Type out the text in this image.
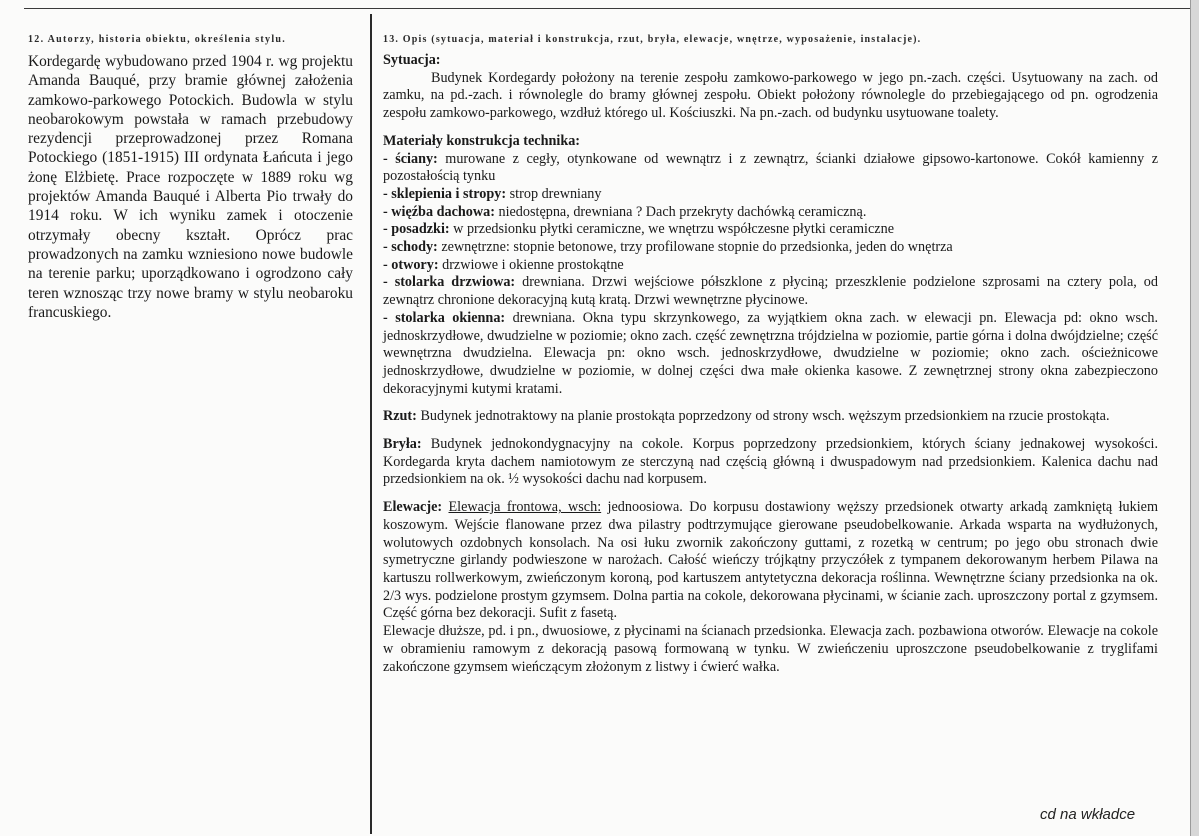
12. Autorzy, historia obiektu, określenia stylu.

Kordegardę wybudowano przed 1904 r. wg projektu Amanda Bauqué, przy bramie głównej założenia zamkowo-parkowego Potockich. Budowla w stylu neobarokowym powstała w ramach przebudowy rezydencji przeprowadzonej przez Romana Potockiego (1851-1915) III ordynata Łańcuta i jego żonę Elżbietę. Prace rozpoczęte w 1889 roku wg projektów Amanda Bauqué i Alberta Pio trwały do 1914 roku. W ich wyniku zamek i otoczenie otrzymały obecny kształt. Oprócz prac prowadzonych na zamku wzniesiono nowe budowle na terenie parku; uporządkowano i ogrodzono cały teren wznosząc trzy nowe bramy w stylu neobaroku francuskiego.

13. Opis (sytuacja, materiał i konstrukcja, rzut, bryła, elewacje, wnętrze, wyposażenie, instalacje).

Sytuacja:

Budynek Kordegardy położony na terenie zespołu zamkowo-parkowego w jego pn.-zach. części. Usytuowany na zach. od zamku, na pd.-zach. i równolegle do bramy głównej zespołu. Obiekt położony równolegle do przebiegającego od pn. ogrodzenia zespołu zamkowo-parkowego, wzdłuż którego ul. Kościuszki. Na pn.-zach. od budynku usytuowane toalety.

Materiały konstrukcja technika:

- ściany: murowane z cegły, otynkowane od wewnątrz i z zewnątrz, ścianki działowe gipsowo-kartonowe. Cokół kamienny z pozostałością tynku

- sklepienia i stropy: strop drewniany

- więźba dachowa: niedostępna, drewniana ? Dach przekryty dachówką ceramiczną.

- posadzki: w przedsionku płytki ceramiczne, we wnętrzu współczesne płytki ceramiczne

- schody: zewnętrzne: stopnie betonowe, trzy profilowane stopnie do przedsionka, jeden do wnętrza

- otwory: drzwiowe i okienne prostokątne

- stolarka drzwiowa: drewniana. Drzwi wejściowe półszklone z płyciną; przeszklenie podzielone szprosami na cztery pola, od zewnątrz chronione dekoracyjną kutą kratą. Drzwi wewnętrzne płycinowe.

- stolarka okienna: drewniana. Okna typu skrzynkowego, za wyjątkiem okna zach. w elewacji pn. Elewacja pd: okno wsch. jednoskrzydłowe, dwudzielne w poziomie; okno zach. część zewnętrzna trójdzielna w poziomie, partie górna i dolna dwójdzielne; część wewnętrzna dwudzielna. Elewacja pn: okno wsch. jednoskrzydłowe, dwudzielne w poziomie; okno zach. ościeżnicowe jednoskrzydłowe, dwudzielne w poziomie, w dolnej części dwa małe okienka kasowe. Z zewnętrznej strony okna zabezpieczono dekoracyjnymi kutymi kratami.

Rzut: Budynek jednotraktowy na planie prostokąta poprzedzony od strony wsch. węższym przedsionkiem na rzucie prostokąta.

Bryła: Budynek jednokondygnacyjny na cokole. Korpus poprzedzony przedsionkiem, których ściany jednakowej wysokości. Kordegarda kryta dachem namiotowym ze sterczyną nad częścią główną i dwuspadowym nad przedsionkiem. Kalenica dachu nad przedsionkiem na ok. ½ wysokości dachu nad korpusem.

Elewacje: Elewacja frontowa, wsch: jednoosiowa. Do korpusu dostawiony węższy przedsionek otwarty arkadą zamkniętą łukiem koszowym. Wejście flanowane przez dwa pilastry podtrzymujące gierowane pseudobelkowanie. Arkada wsparta na wydłużonych, wolutowych ozdobnych konsolach. Na osi łuku zwornik zakończony guttami, z rozetką w centrum; po jego obu stronach dwie symetryczne girlandy podwieszone w narożach. Całość wieńczy trójkątny przyczółek z tympanem dekorowanym herbem Pilawa na kartuszu rollwerkowym, zwieńczonym koroną, pod kartuszem antytetyczna dekoracja roślinna. Wewnętrzne ściany przedsionka na ok. 2/3 wys. podzielone prostym gzymsem. Dolna partia na cokole, dekorowana płycinami, w ścianie zach. uproszczony portal z gzymsem. Część górna bez dekoracji. Sufit z fasetą.

Elewacje dłuższe, pd. i pn., dwuosiowe, z płycinami na ścianach przedsionka. Elewacja zach. pozbawiona otworów. Elewacje na cokole w obramieniu ramowym z dekoracją pasową formowaną w tynku. W zwieńczeniu uproszczone pseudobelkowanie z tryglifami zakończone gzymsem wieńczącym złożonym z listwy i ćwierć wałka.

cd na wkładce
